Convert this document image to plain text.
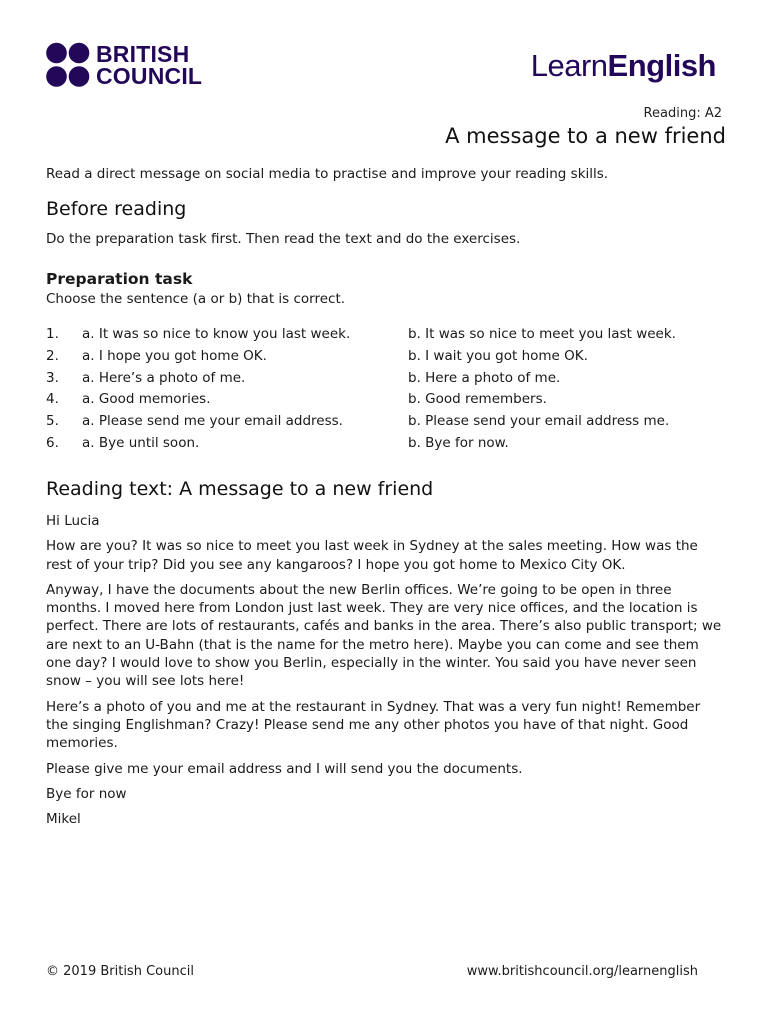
BRITISH
COUNCIL	LearnEnglish
Reading: A2
A message to a new friend
Read a direct message on social media to practise and improve your reading skills.
Before reading
Do the preparation task first. Then read the text and do the exercises.
Preparation task
Choose the sentence (a or b) that is correct.
1.	a. It was so nice to know you last week.	b. It was so nice to meet you last week.
2.	a. I hope you got home OK.	b. I wait you got home OK.
3.	a. Here’s a photo of me.	b. Here a photo of me.
4.	a. Good memories.	b. Good remembers.
5.	a. Please send me your email address.	b. Please send your email address me.
6.	a. Bye until soon.	b. Bye for now.
Reading text: A message to a new friend

Hi Lucia

How are you? It was so nice to meet you last week in Sydney at the sales meeting. How was the rest of your trip? Did you see any kangaroos? I hope you got home to Mexico City OK.

Anyway, I have the documents about the new Berlin offices. We’re going to be open in three months. I moved here from London just last week. They are very nice offices, and the location is perfect. There are lots of restaurants, cafés and banks in the area. There’s also public transport; we are next to an U-Bahn (that is the name for the metro here). Maybe you can come and see them one day? I would love to show you Berlin, especially in the winter. You said you have never seen snow – you will see lots here!

Here’s a photo of you and me at the restaurant in Sydney. That was a very fun night! Remember the singing Englishman? Crazy! Please send me any other photos you have of that night. Good memories.

Please give me your email address and I will send you the documents.

Bye for now

Mikel

© 2019 British Council	www.britishcouncil.org/learnenglish
